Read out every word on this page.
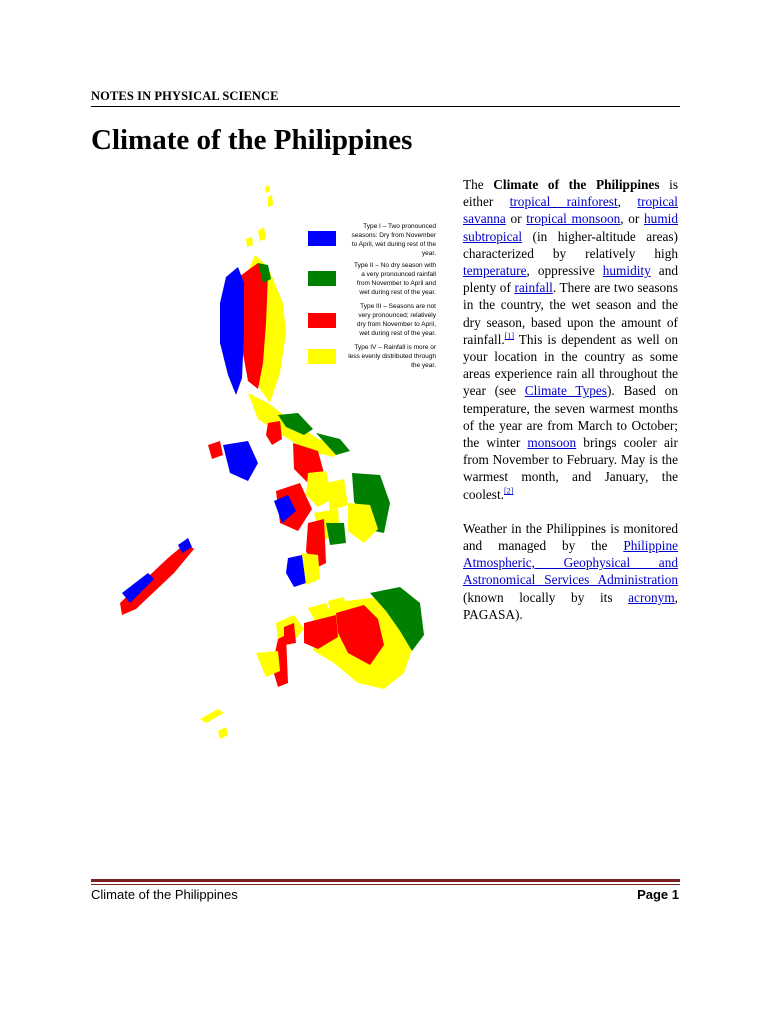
NOTES IN PHYSICAL SCIENCE
Climate of the Philippines
Type I – Two pronounced
seasons: Dry from November
to April, wet during rest of the
year.
Type II – No dry season with
a very pronounced rainfall
from November to April and
wet during rest of the year.
Type III – Seasons are not
very pronounced; relatively
dry from November to April,
wet during rest of the year.
Type IV – Rainfall is more or
less evenly distributed through
the year.

The Climate of the Philippines is either tropical rainforest, tropical savanna or tropical monsoon, or humid subtropical (in higher-altitude areas) characterized by relatively high temperature, oppressive humidity and plenty of rainfall. There are two seasons in the country, the wet season and the dry season, based upon the amount of rainfall.[1] This is dependent as well on your location in the country as some areas experience rain all throughout the year (see Climate Types). Based on temperature, the seven warmest months of the year are from March to October; the winter monsoon brings cooler air from November to February. May is the warmest month, and January, the coolest.[2]

Weather in the Philippines is monitored and managed by the Philippine Atmospheric, Geophysical and Astronomical Services Administration (known locally by its acronym, PAGASA).

Climate of the Philippines	Page 1
